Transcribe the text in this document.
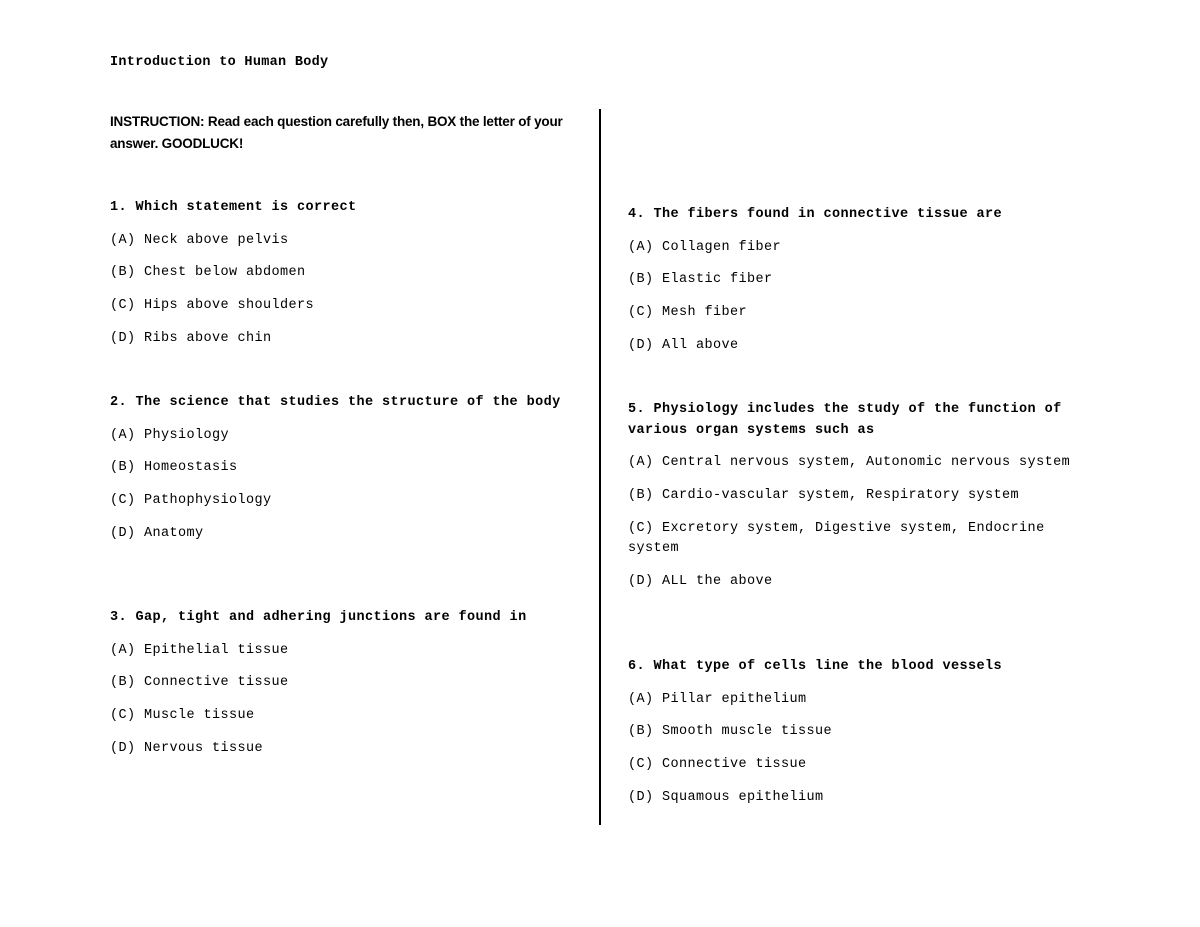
Introduction to Human Body
INSTRUCTION: Read each question carefully then, BOX the letter of your answer. GOODLUCK!
1. Which statement is correct
(A) Neck above pelvis
(B) Chest below abdomen
(C) Hips above shoulders
(D) Ribs above chin
2. The science that studies the structure of the body
(A) Physiology
(B) Homeostasis
(C) Pathophysiology
(D) Anatomy
3. Gap, tight and adhering junctions are found in
(A) Epithelial tissue
(B) Connective tissue
(C) Muscle tissue
(D) Nervous tissue
4. The fibers found in connective tissue are
(A) Collagen fiber
(B) Elastic fiber
(C) Mesh fiber
(D) All above
5. Physiology includes the study of the function of various organ systems such as
(A) Central nervous system, Autonomic nervous system
(B) Cardio-vascular system, Respiratory system
(C) Excretory system, Digestive system, Endocrine system
(D) ALL the above
6. What type of cells line the blood vessels
(A) Pillar epithelium
(B) Smooth muscle tissue
(C) Connective tissue
(D) Squamous epithelium
